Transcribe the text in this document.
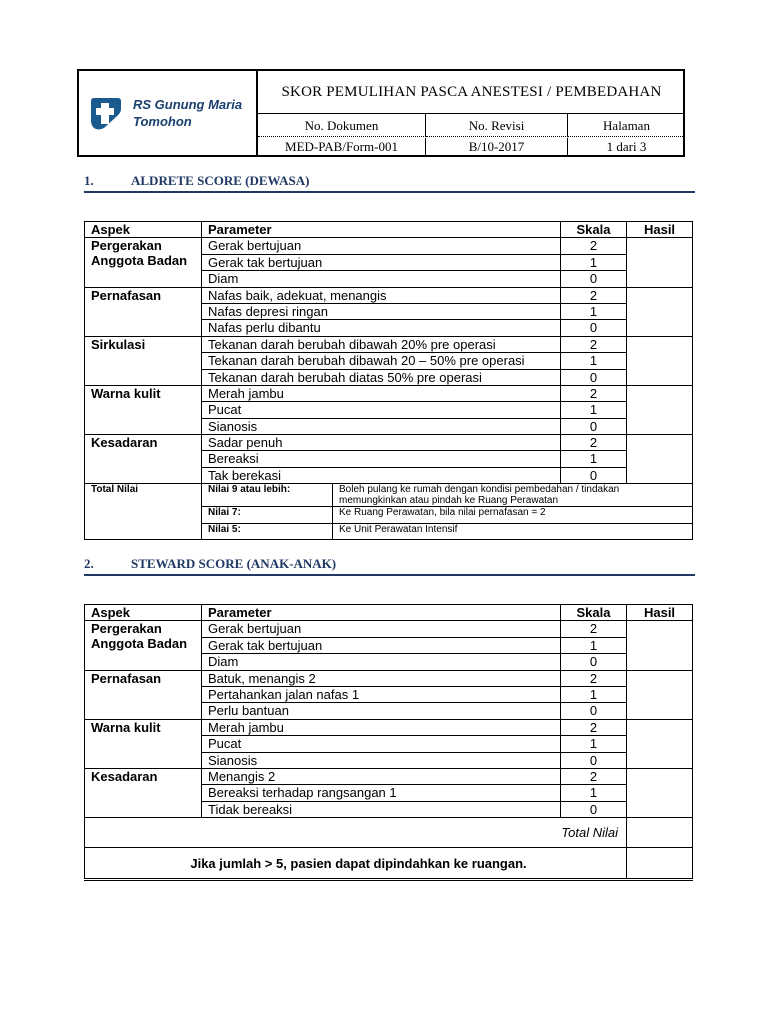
RS Gunung Maria
Tomohon
SKOR PEMULIHAN PASCA ANESTESI / PEMBEDAHAN
No. Dokumen	No. Revisi	Halaman
MED-PAB/Form-001	B/10-2017	1 dari 3
1.	ALDRETE SCORE (DEWASA)
Aspek	Parameter		Skala	Hasil
Pergerakan Anggota Badan	Gerak bertujuan		2	
	Gerak tak bertujuan		1	
	Diam		0	
Pernafasan	Nafas baik, adekuat, menangis		2	
	Nafas depresi ringan		1	
	Nafas perlu dibantu		0	
Sirkulasi	Tekanan darah berubah dibawah 20% pre operasi		2	
	Tekanan darah berubah dibawah 20 – 50% pre operasi		1	
	Tekanan darah berubah diatas 50% pre operasi		0	
Warna kulit	Merah jambu		2	
	Pucat		1	
	Sianosis		0	
Kesadaran	Sadar penuh		2	
	Bereaksi		1	
	Tak berekasi		0	
Total Nilai	Nilai 9 atau lebih:	Boleh pulang ke rumah dengan kondisi pembedahan / tindakan
memungkinkan atau pindah ke Ruang Perawatan		

	Nilai 7:	Ke Ruang Perawatan, bila nilai pernafasan = 2		

	Nilai 5:	Ke Unit Perawatan Intensif		
2.	STEWARD SCORE (ANAK-ANAK)
Aspek	Parameter	Skala	Hasil
Pergerakan Anggota Badan	Gerak bertujuan	2	
	Gerak tak bertujuan	1	
	Diam	0	
Pernafasan	Batuk, menangis 2	2	
	Pertahankan jalan nafas 1	1	
	Perlu bantuan	0	
Warna kulit	Merah jambu	2	
	Pucat	1	
	Sianosis	0	
Kesadaran	Menangis 2	2	
	Bereaksi terhadap rangsangan 1	1	
	Tidak bereaksi	0	
Total Nilai			
Jika jumlah > 5, pasien dapat dipindahkan ke ruangan.			
